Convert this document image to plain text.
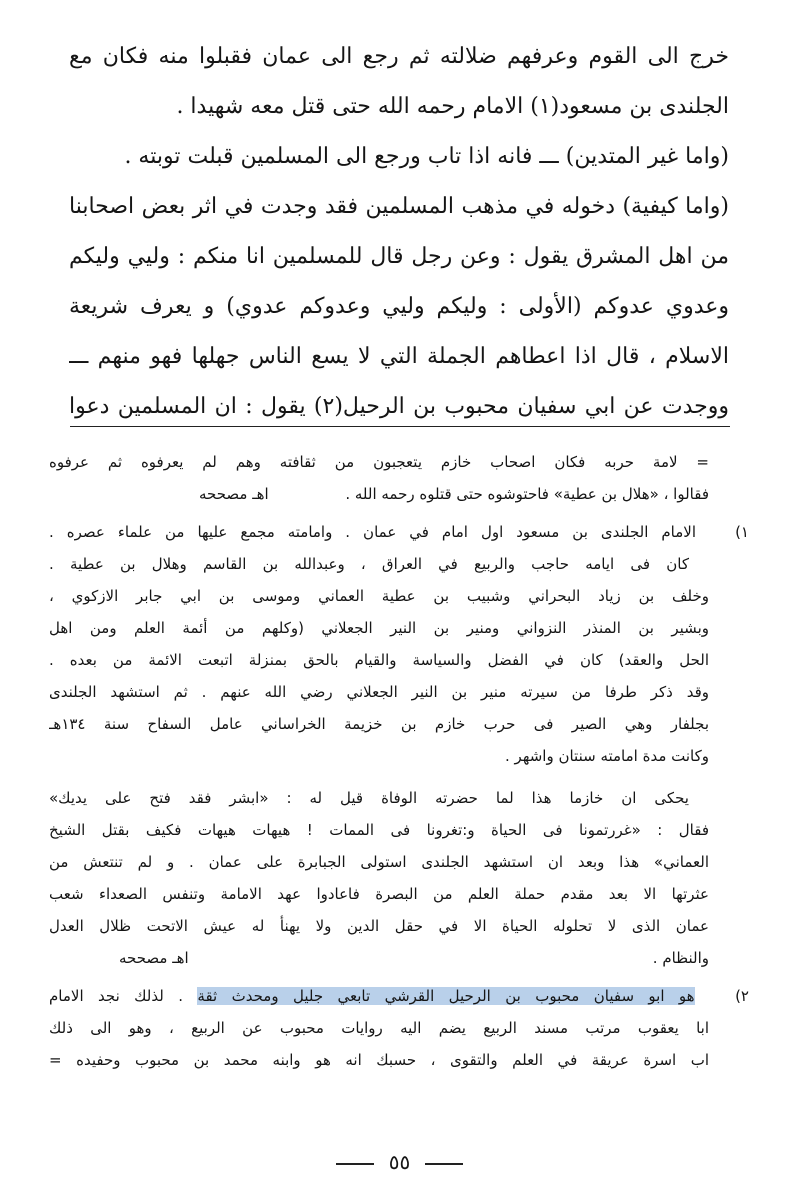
خرج الى القوم وعرفهم ضلالته ثم رجع الى عمان فقبلوا منه فكان مع
الجلندى بن مسعود(١) الامام رحمه الله حتى قتل معه شهيدا .
(واما غير المتدين) ـــ فانه اذا تاب ورجع الى المسلمين قبلت توبته .
(واما كيفية) دخوله في مذهب المسلمين فقد وجدت في اثر بعض اصحابنا
من اهل المشرق يقول : وعن رجل قال للمسلمين انا منكم : وليي وليكم
وعدوي عدوكم (الأولى : وليكم وليي وعدوكم عدوي) و يعرف شريعة
الاسلام ، قال اذا اعطاهم الجملة التي لا يسع الناس جهلها فهو منهم ـــ
ووجدت عن ابي سفيان محبوب بن الرحيل(٢) يقول : ان المسلمين دعوا
= لامة حربه فكان اصحاب خازم يتعجبون من ثقافته وهم لم يعرفوه ثم عرفوه
فقالوا ، «هلال بن عطية» فاحتوشوه حتى قتلوه رحمه الله .
اهـ مصححه
١) الامام الجلندى بن مسعود اول امام في عمان . وامامته مجمع عليها من علماء عصره .
كان فى ايامه حاجب والربيع في العراق ، وعبدالله بن القاسم وهلال بن عطية .
وخلف بن زياد البحراني وشبيب بن عطية العماني وموسى بن ابي جابر الازكوي ،
وبشير بن المنذر النزواني ومنير بن النير الجعلاني (وكلهم من أئمة العلم ومن اهل
الحل والعقد) كان في الفضل والسياسة والقيام بالحق بمنزلة اتبعت الائمة من بعده .
وقد ذكر طرفا من سيرته منير بن النير الجعلاني رضي الله عنهم . ثم استشهد الجلندى
بجلفار وهي الصير فى حرب خازم بن خزيمة الخراساني عامل السفاح سنة ١٣٤هـ
وكانت مدة امامته سنتان واشهر .
يحكى ان خازما هذا لما حضرته الوفاة قيل له : «ابشر فقد فتح على يديك»
فقال : «غررتمونا فى الحياة و:تغرونا فى الممات ! هيهات هيهات فكيف بقتل الشيخ
العماني» هذا وبعد ان استشهد الجلندى استولى الجبابرة على عمان . و لم تنتعش من
عثرتها الا بعد مقدم حملة العلم من البصرة فاعادوا عهد الامامة وتنفس الصعداء شعب
عمان الذى لا تحلوله الحياة الا في حقل الدين ولا يهنأ له عيش الاتحت ظلال العدل
والنظام .
اهـ مصححه
٢) هو ابو سفيان محبوب بن الرحيل القرشي تابعي جليل ومحدث ثقة . لذلك نجد الامام
ابا يعقوب مرتب مسند الربيع يضم اليه روايات محبوب عن الربيع ، وهو الى ذلك
اب اسرة عريقة في العلم والتقوى ، حسبك انه هو وابنه محمد بن محبوب وحفيده =
٥٥
